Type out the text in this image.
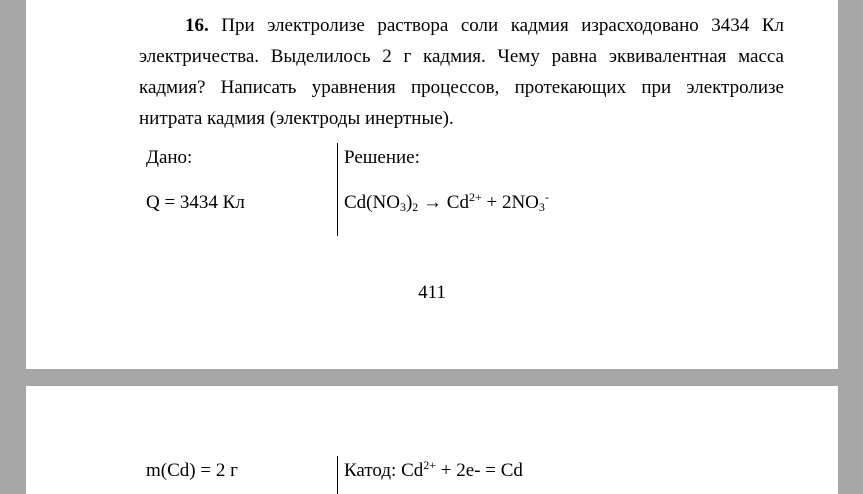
16. При электролизе раствора соли кадмия израсходовано 3434 Кл электричества. Выделилось 2 г кадмия. Чему равна эквивалентная масса кадмия? Написать уравнения процессов, протекающих при электролизе нитрата кадмия (электроды инертные).
Дано:	Решение:
Q = 3434 Кл	$Cd(NO_3)_2 \to Cd^{2+} + 2NO_3^-$
411
m(Cd) = 2 г	Катод: $Cd^{2+} + 2e- = Cd$
